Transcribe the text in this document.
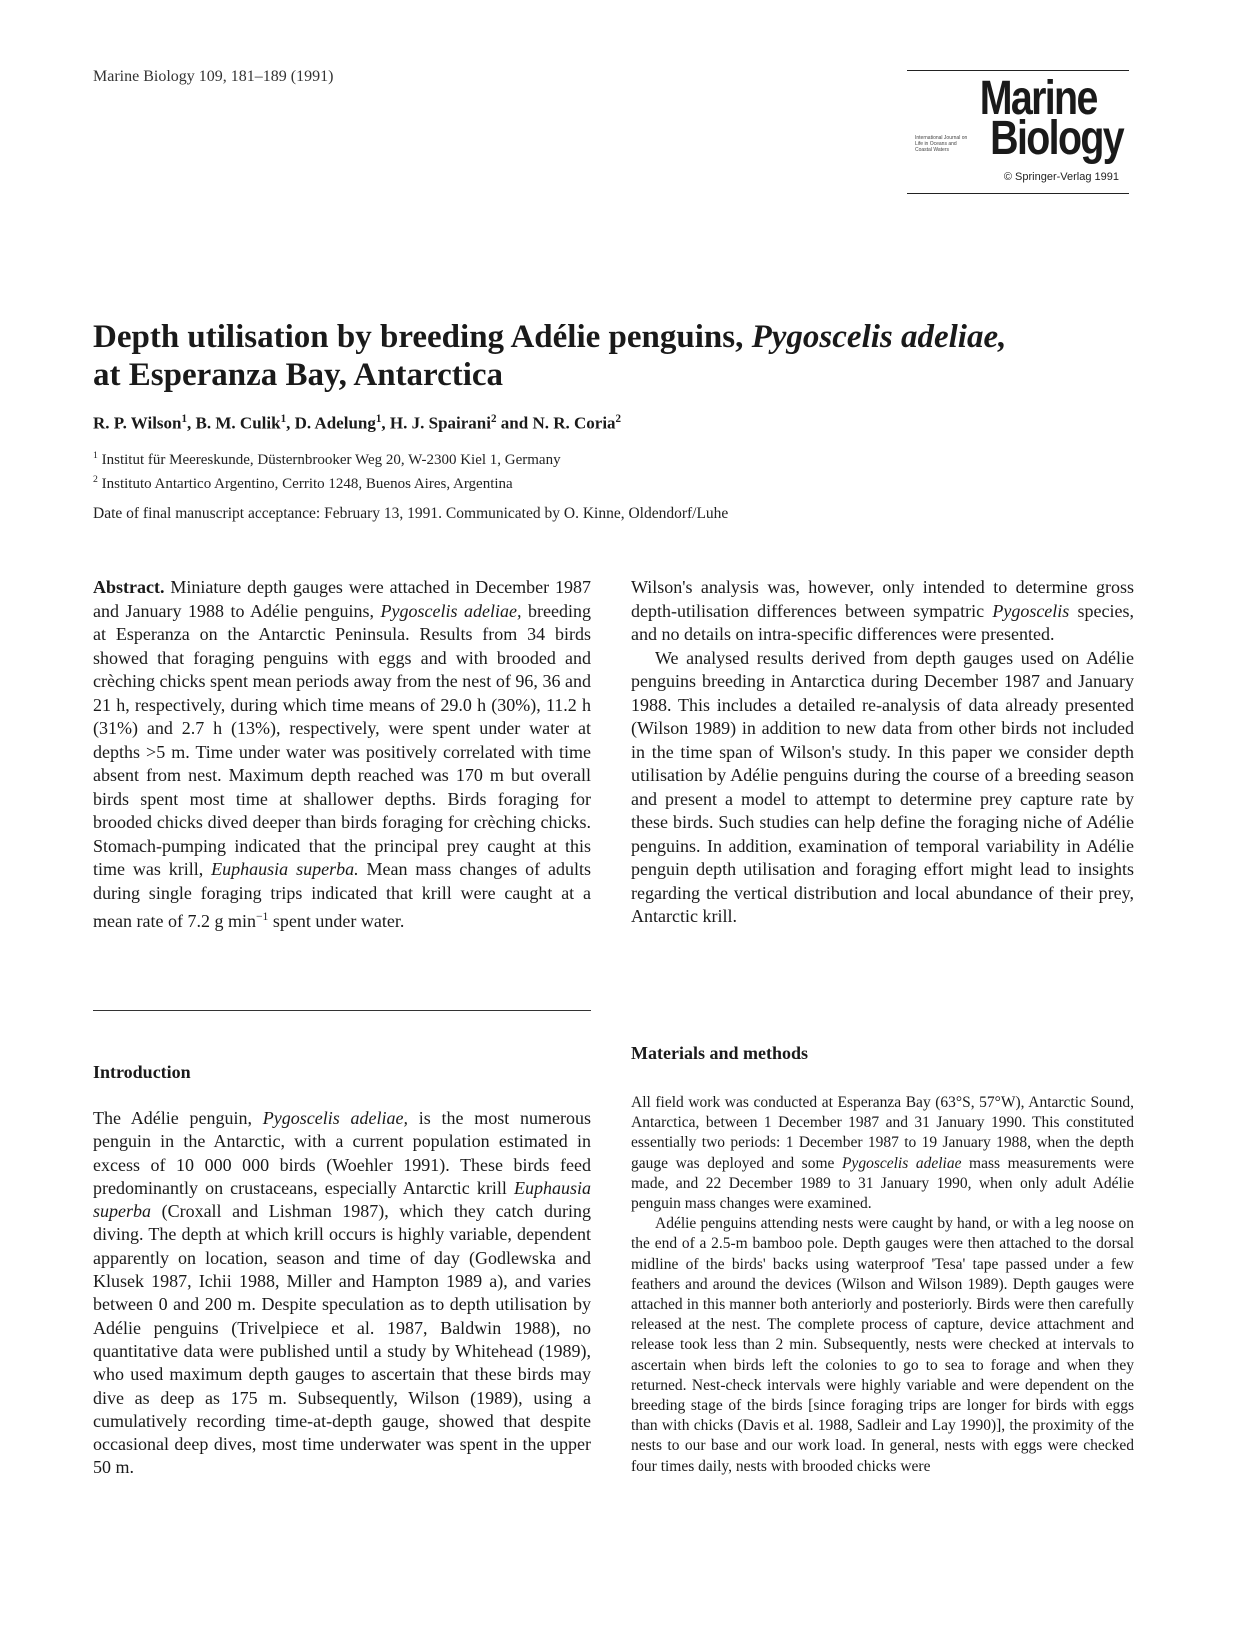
Marine Biology 109, 181–189 (1991)	Marine
International Journal on Life in Oceans and Coastal Waters Biology
© Springer-Verlag 1991
Depth utilisation by breeding Adélie penguins, Pygoscelis adeliae,
at Esperanza Bay, Antarctica
R. P. Wilson$^1$, B. M. Culik$^1$, D. Adelung$^1$, H. J. Spairani$^2$ and N. R. Coria$^2$
$^1$ Institut für Meereskunde, Düsternbrooker Weg 20, W-2300 Kiel 1, Germany
$^2$ Instituto Antartico Argentino, Cerrito 1248, Buenos Aires, Argentina
Date of final manuscript acceptance: February 13, 1991. Communicated by O. Kinne, Oldendorf/Luhe

Abstract. Miniature depth gauges were attached in December 1987 and January 1988 to Adélie penguins, Pygoscelis adeliae, breeding at Esperanza on the Antarctic Peninsula. Results from 34 birds showed that foraging penguins with eggs and with brooded and crèching chicks spent mean periods away from the nest of 96, 36 and 21 h, respectively, during which time means of 29.0 h (30%), 11.2 h (31%) and 2.7 h (13%), respectively, were spent under water at depths >5 m. Time under water was positively correlated with time absent from nest. Maximum depth reached was 170 m but overall birds spent most time at shallower depths. Birds foraging for brooded chicks dived deeper than birds foraging for crèching chicks. Stomach-pumping indicated that the principal prey caught at this time was krill, Euphausia superba. Mean mass changes of adults during single foraging trips indicated that krill were caught at a mean rate of 7.2 g $\min^{-1}$ spent under water.

Wilson's analysis was, however, only intended to determine gross depth-utilisation differences between sympatric Pygoscelis species, and no details on intra-specific differences were presented.

We analysed results derived from depth gauges used on Adélie penguins breeding in Antarctica during December 1987 and January 1988. This includes a detailed re-analysis of data already presented (Wilson 1989) in addition to new data from other birds not included in the time span of Wilson's study. In this paper we consider depth utilisation by Adélie penguins during the course of a breeding season and present a model to attempt to determine prey capture rate by these birds. Such studies can help define the foraging niche of Adélie penguins. In addition, examination of temporal variability in Adélie penguin depth utilisation and foraging effort might lead to insights regarding the vertical distribution and local abundance of their prey, Antarctic krill.

Introduction

The Adélie penguin, Pygoscelis adeliae, is the most numerous penguin in the Antarctic, with a current population estimated in excess of 10 000 000 birds (Woehler 1991). These birds feed predominantly on crustaceans, especially Antarctic krill Euphausia superba (Croxall and Lishman 1987), which they catch during diving. The depth at which krill occurs is highly variable, dependent apparently on location, season and time of day (Godlewska and Klusek 1987, Ichii 1988, Miller and Hampton 1989 a), and varies between 0 and 200 m. Despite speculation as to depth utilisation by Adélie penguins (Trivelpiece et al. 1987, Baldwin 1988), no quantitative data were published until a study by Whitehead (1989), who used maximum depth gauges to ascertain that these birds may dive as deep as 175 m. Subsequently, Wilson (1989), using a cumulatively recording time-at-depth gauge, showed that despite occasional deep dives, most time underwater was spent in the upper 50 m.

Materials and methods

All field work was conducted at Esperanza Bay (63°S, 57°W), Antarctic Sound, Antarctica, between 1 December 1987 and 31 January 1990. This constituted essentially two periods: 1 December 1987 to 19 January 1988, when the depth gauge was deployed and some Pygoscelis adeliae mass measurements were made, and 22 December 1989 to 31 January 1990, when only adult Adélie penguin mass changes were examined.

Adélie penguins attending nests were caught by hand, or with a leg noose on the end of a 2.5-m bamboo pole. Depth gauges were then attached to the dorsal midline of the birds' backs using waterproof 'Tesa' tape passed under a few feathers and around the devices (Wilson and Wilson 1989). Depth gauges were attached in this manner both anteriorly and posteriorly. Birds were then carefully released at the nest. The complete process of capture, device attachment and release took less than 2 min. Subsequently, nests were checked at intervals to ascertain when birds left the colonies to go to sea to forage and when they returned. Nest-check intervals were highly variable and were dependent on the breeding stage of the birds [since foraging trips are longer for birds with eggs than with chicks (Davis et al. 1988, Sadleir and Lay 1990)], the proximity of the nests to our base and our work load. In general, nests with eggs were checked four times daily, nests with brooded chicks were
